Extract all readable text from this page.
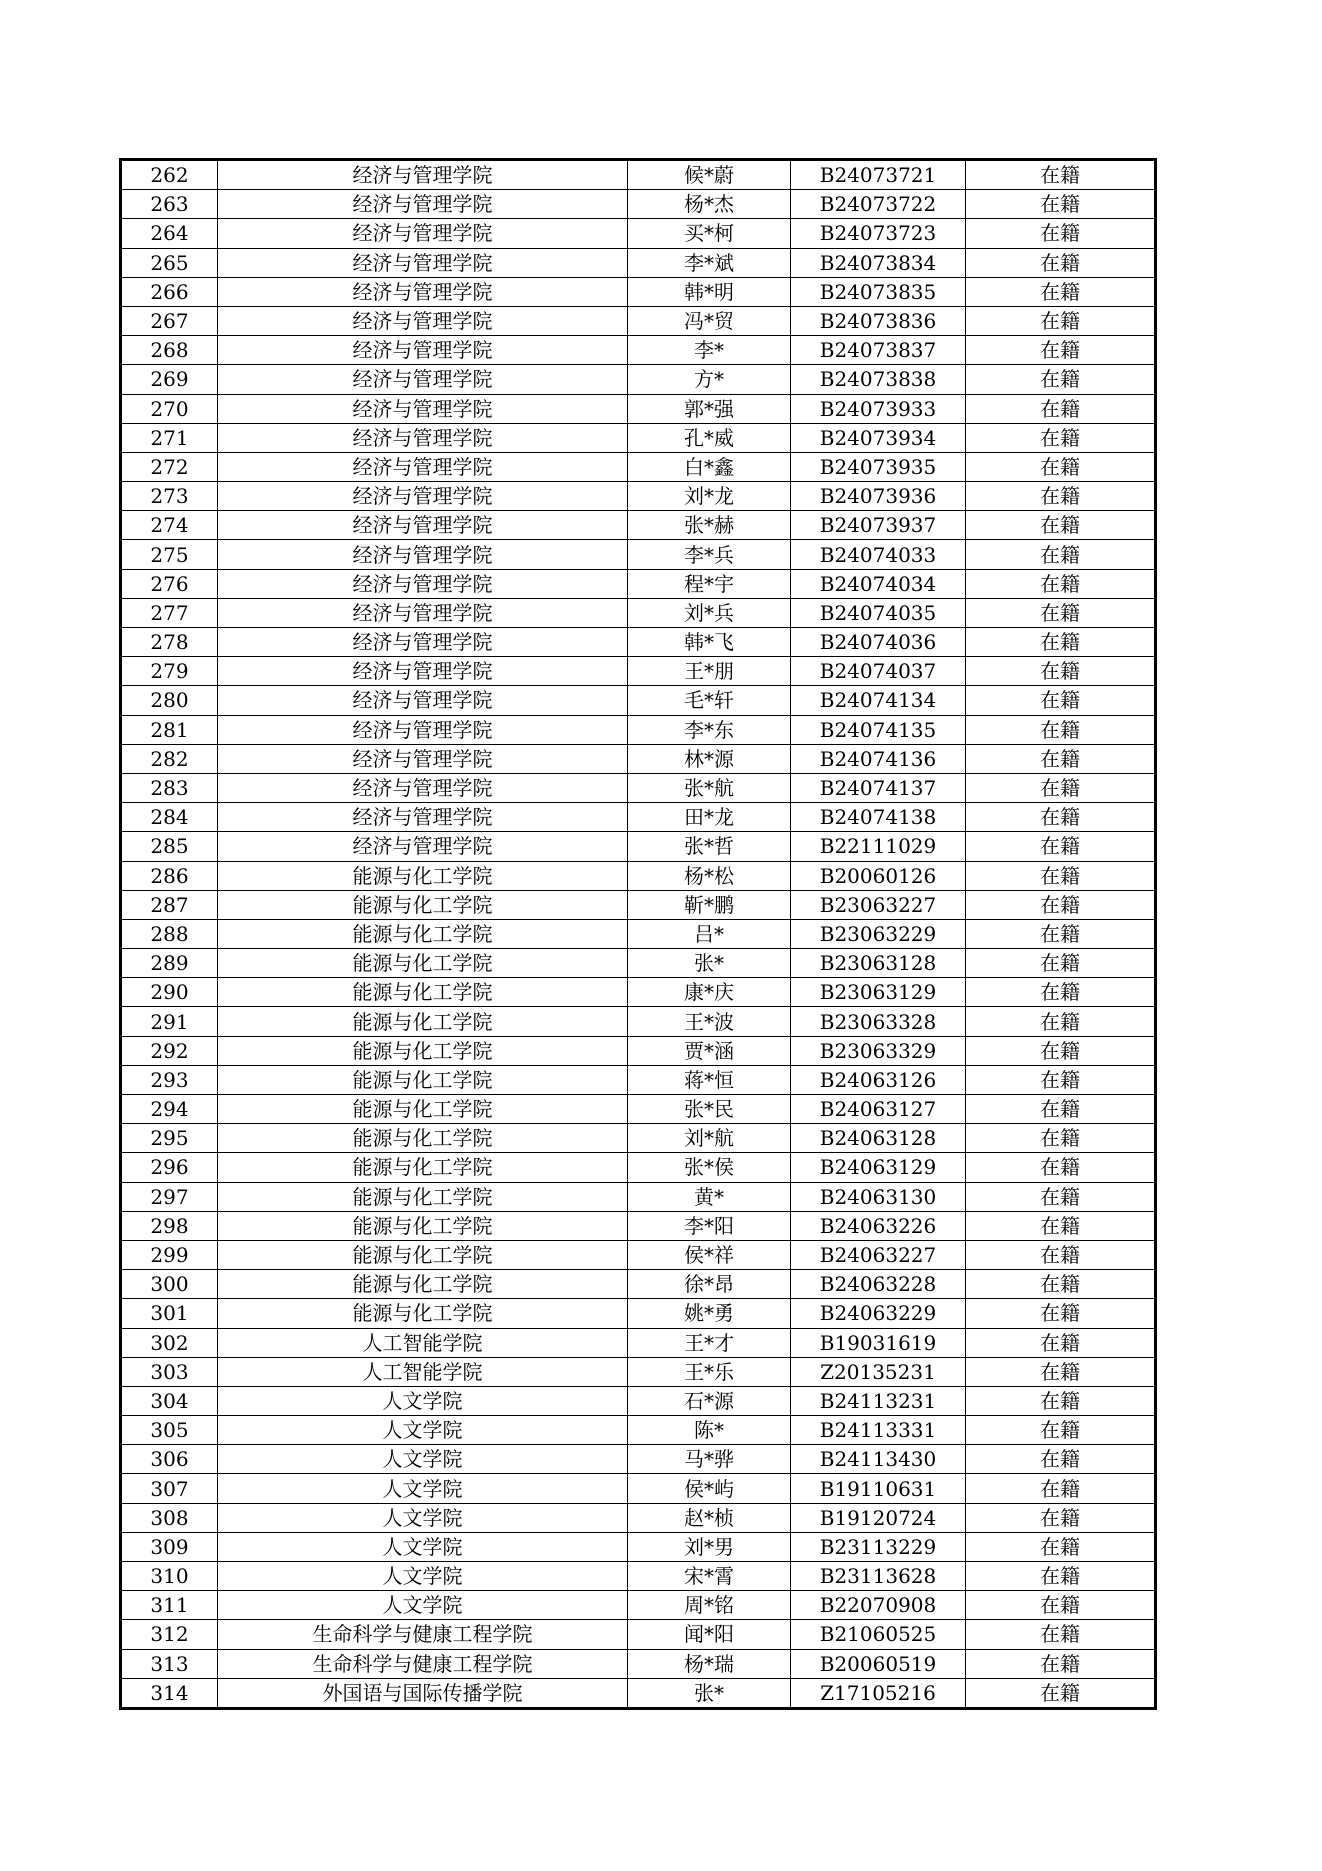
262	经济与管理学院	候*蔚	B24073721	在籍
263	经济与管理学院	杨*杰	B24073722	在籍
264	经济与管理学院	买*柯	B24073723	在籍
265	经济与管理学院	李*斌	B24073834	在籍
266	经济与管理学院	韩*明	B24073835	在籍
267	经济与管理学院	冯*贸	B24073836	在籍
268	经济与管理学院	李*	B24073837	在籍
269	经济与管理学院	方*	B24073838	在籍
270	经济与管理学院	郭*强	B24073933	在籍
271	经济与管理学院	孔*威	B24073934	在籍
272	经济与管理学院	白*鑫	B24073935	在籍
273	经济与管理学院	刘*龙	B24073936	在籍
274	经济与管理学院	张*赫	B24073937	在籍
275	经济与管理学院	李*兵	B24074033	在籍
276	经济与管理学院	程*宇	B24074034	在籍
277	经济与管理学院	刘*兵	B24074035	在籍
278	经济与管理学院	韩*飞	B24074036	在籍
279	经济与管理学院	王*朋	B24074037	在籍
280	经济与管理学院	毛*轩	B24074134	在籍
281	经济与管理学院	李*东	B24074135	在籍
282	经济与管理学院	林*源	B24074136	在籍
283	经济与管理学院	张*航	B24074137	在籍
284	经济与管理学院	田*龙	B24074138	在籍
285	经济与管理学院	张*哲	B22111029	在籍
286	能源与化工学院	杨*松	B20060126	在籍
287	能源与化工学院	靳*鹏	B23063227	在籍
288	能源与化工学院	吕*	B23063229	在籍
289	能源与化工学院	张*	B23063128	在籍
290	能源与化工学院	康*庆	B23063129	在籍
291	能源与化工学院	王*波	B23063328	在籍
292	能源与化工学院	贾*涵	B23063329	在籍
293	能源与化工学院	蒋*恒	B24063126	在籍
294	能源与化工学院	张*民	B24063127	在籍
295	能源与化工学院	刘*航	B24063128	在籍
296	能源与化工学院	张*侯	B24063129	在籍
297	能源与化工学院	黄*	B24063130	在籍
298	能源与化工学院	李*阳	B24063226	在籍
299	能源与化工学院	侯*祥	B24063227	在籍
300	能源与化工学院	徐*昂	B24063228	在籍
301	能源与化工学院	姚*勇	B24063229	在籍
302	人工智能学院	王*才	B19031619	在籍
303	人工智能学院	王*乐	Z20135231	在籍
304	人文学院	石*源	B24113231	在籍
305	人文学院	陈*	B24113331	在籍
306	人文学院	马*骅	B24113430	在籍
307	人文学院	侯*屿	B19110631	在籍
308	人文学院	赵*桢	B19120724	在籍
309	人文学院	刘*男	B23113229	在籍
310	人文学院	宋*霄	B23113628	在籍
311	人文学院	周*铭	B22070908	在籍
312	生命科学与健康工程学院	闻*阳	B21060525	在籍
313	生命科学与健康工程学院	杨*瑞	B20060519	在籍
314	外国语与国际传播学院	张*	Z17105216	在籍
